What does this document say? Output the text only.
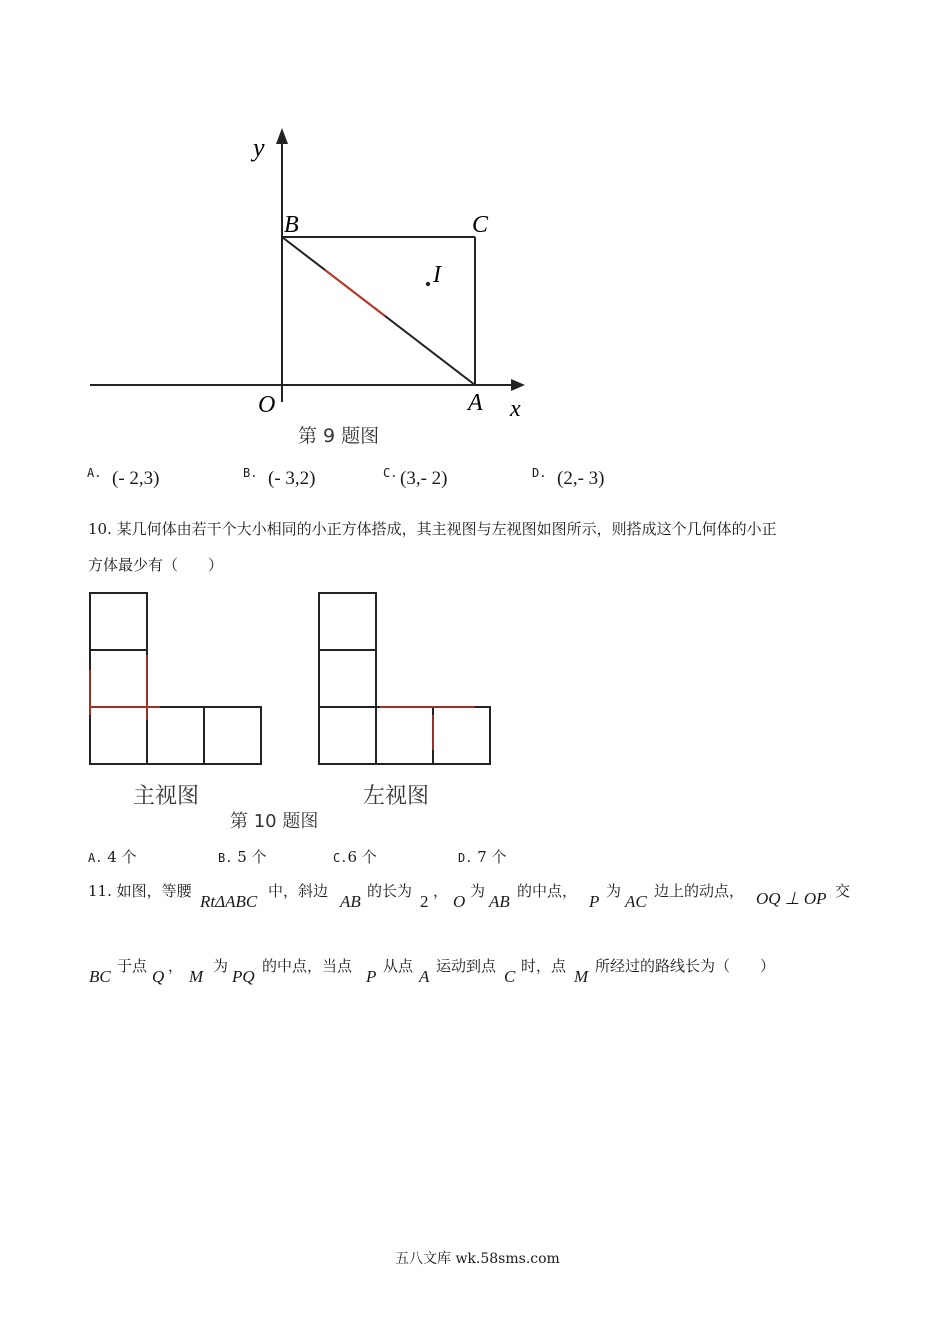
y
x
O	A
B	C
I
第 9 题图
A. (- 2,3)	B. (- 3,2)	C. (3,- 2)	D. (2,- 3)
10. 某几何体由若干个大小相同的小正方体搭成，其主视图与左视图如图所示，则搭成这个几何体的小正
方体最少有（　　）
主视图	左视图
第 10 题图
A. 4 个	B. 5 个	C.6 个	D. 7 个
11. 如图，等腰
RtΔABC
中，斜边
AB
的长为
2
，
O
为
AB
的中点，
P
为
AC
边上的动点， OQ ⊥ OP 交
BC
于点
Q
，
M
为
PQ
的中点，当点
P
从点
A
运动到点
C
时，点
M
所经过的路线长为（　　）
五八文库 wk.58sms.com
